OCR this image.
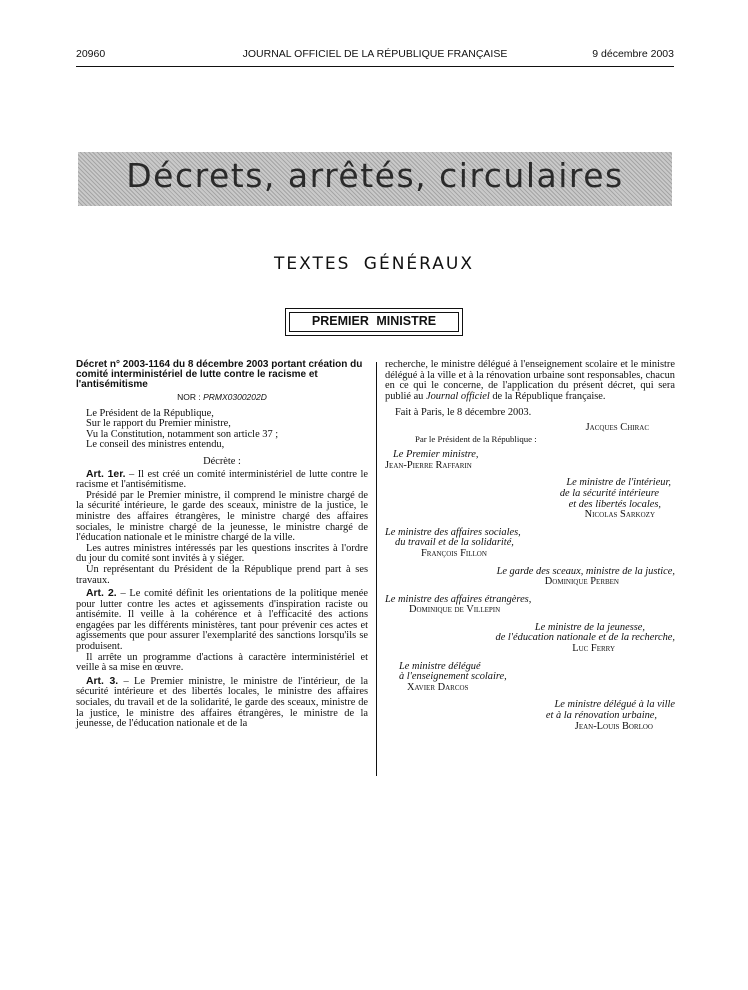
20960	JOURNAL OFFICIEL DE LA RÉPUBLIQUE FRANÇAISE	9 décembre 2003
Décrets, arrêtés, circulaires
TEXTES GÉNÉRAUX
PREMIER MINISTRE

Décret n° 2003-1164 du 8 décembre 2003 portant création du comité interministériel de lutte contre le racisme et l'antisémitisme

NOR : PRMX0300202D

Le Président de la République,

Sur le rapport du Premier ministre,

Vu la Constitution, notamment son article 37 ;

Le conseil des ministres entendu,

Décrète :

Art. 1er. – Il est créé un comité interministériel de lutte contre le racisme et l'antisémitisme.

Présidé par le Premier ministre, il comprend le ministre chargé de la sécurité intérieure, le garde des sceaux, ministre de la justice, le ministre des affaires étrangères, le ministre chargé des affaires sociales, le ministre chargé de la jeunesse, le ministre chargé de l'éducation nationale et le ministre chargé de la ville.

Les autres ministres intéressés par les questions inscrites à l'ordre du jour du comité sont invités à y siéger.

Un représentant du Président de la République prend part à ses travaux.

Art. 2. – Le comité définit les orientations de la politique menée pour lutter contre les actes et agissements d'inspiration raciste ou antisémite. Il veille à la cohérence et à l'efficacité des actions engagées par les différents ministères, tant pour prévenir ces actes et agissements que pour assurer l'exemplarité des sanctions lorsqu'ils se produisent.

Il arrête un programme d'actions à caractère interministériel et veille à sa mise en œuvre.

Art. 3. – Le Premier ministre, le ministre de l'intérieur, de la sécurité intérieure et des libertés locales, le ministre des affaires sociales, du travail et de la solidarité, le garde des sceaux, ministre de la justice, le ministre des affaires étrangères, le ministre de la jeunesse, de l'éducation nationale et de la

recherche, le ministre délégué à l'enseignement scolaire et le ministre délégué à la ville et à la rénovation urbaine sont responsables, chacun en ce qui le concerne, de l'application du présent décret, qui sera publié au Journal officiel de la République française.

Fait à Paris, le 8 décembre 2003.

Jacques Chirac

Par le Président de la République :

Le Premier ministre,

Jean-Pierre Raffarin

Le ministre de l'intérieur,

de la sécurité intérieure

et des libertés locales,

Nicolas Sarkozy

Le ministre des affaires sociales,

du travail et de la solidarité,

François Fillon

Le garde des sceaux, ministre de la justice,

Dominique Perben

Le ministre des affaires étrangères,

Dominique de Villepin

Le ministre de la jeunesse,

de l'éducation nationale et de la recherche,

Luc Ferry

Le ministre délégué

à l'enseignement scolaire,

Xavier Darcos

Le ministre délégué à la ville

et à la rénovation urbaine,

Jean-Louis Borloo
